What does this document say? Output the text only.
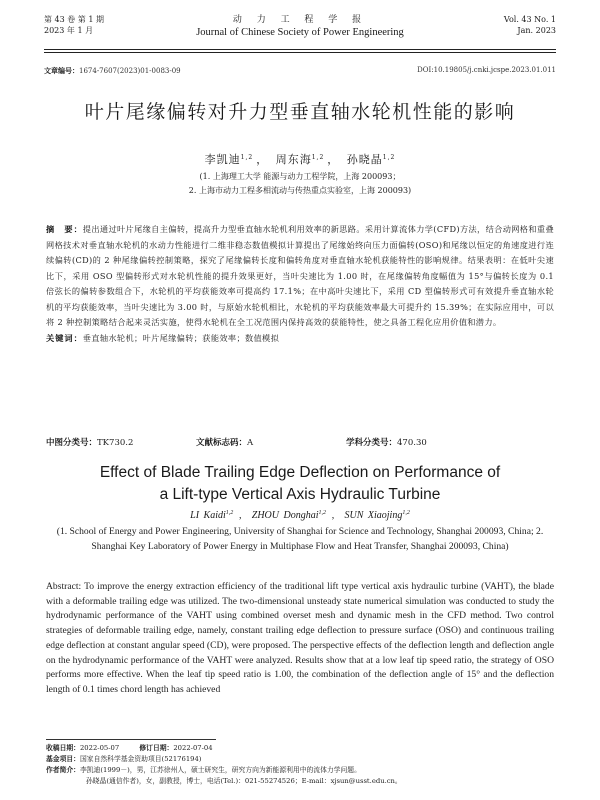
第 43 卷 第 1 期
2023 年 1 月
动 力 工 程 学 报
Journal of Chinese Society of Power Engineering
Vol. 43 No. 1
Jan. 2023
文章编号：1674-7607(2023)01-0083-09	DOI:10.19805/j.cnki.jcspe.2023.01.011
叶片尾缘偏转对升力型垂直轴水轮机性能的影响
李凯迪$^{1,2}$ ， 周东海$^{1,2}$ ， 孙晓晶$^{1,2}$
(1. 上海理工大学 能源与动力工程学院，上海 200093；
2. 上海市动力工程多相流动与传热重点实验室，上海 200093)
摘　要：提出通过叶片尾缘自主偏转，提高升力型垂直轴水轮机利用效率的新思路。采用计算流体力学(CFD)方法，结合动网格和重叠网格技术对垂直轴水轮机的水动力性能进行二维非稳态数值模拟计算提出了尾缘始终向压力面偏转(OSO)和尾缘以恒定的角速度进行连续偏转(CD)的 2 种尾缘偏转控制策略，探究了尾缘偏转长度和偏转角度对垂直轴水轮机获能特性的影响规律。结果表明：在低叶尖速比下，采用 OSO 型偏转形式对水轮机性能的提升效果更好，当叶尖速比为 1.00 时，在尾缘偏转角度幅值为 15°与偏转长度为 0.1 倍弦长的偏转参数组合下，水轮机的平均获能效率可提高约 17.1%；在中高叶尖速比下，采用 CD 型偏转形式可有效提升垂直轴水轮机的平均获能效率，当叶尖速比为 3.00 时，与原始水轮机相比，水轮机的平均获能效率最大可提升约 15.39%；在实际应用中，可以将 2 种控制策略结合起来灵活实施，使得水轮机在全工况范围内保持高效的获能特性，使之具备工程化应用价值和潜力。
关键词：垂直轴水轮机；叶片尾缘偏转；获能效率；数值模拟
中图分类号：TK730.2	文献标志码：A	学科分类号：470.30
Effect of Blade Trailing Edge Deflection on Performance of
a Lift-type Vertical Axis Hydraulic Turbine
LI Kaidi$^{1,2}$ , ZHOU Donghai$^{1,2}$ , SUN Xiaojing$^{1,2}$
(1. School of Energy and Power Engineering, University of Shanghai for Science and Technology, Shanghai 200093, China; 2. Shanghai Key Laboratory of Power Energy in Multiphase Flow and Heat Transfer, Shanghai 200093, China)
Abstract: To improve the energy extraction efficiency of the traditional lift type vertical axis hydraulic turbine (VAHT), the blade with a deformable trailing edge was utilized. The two-dimensional unsteady state numerical simulation was conducted to study the hydrodynamic performance of the VAHT using combined overset mesh and dynamic mesh in the CFD method. Two control strategies of deformable trailing edge, namely, constant trailing edge deflection to pressure surface (OSO) and continuous trailing edge deflection at constant angular speed (CD), were proposed. The perspective effects of the deflection length and deflection angle on the hydrodynamic performance of the VAHT were analyzed. Results show that at a low leaf tip speed ratio, the strategy of OSO performs more effective. When the leaf tip speed ratio is 1.00, the combination of the deflection angle of 15° and the deflection length of 0.1 times chord length has achieved
收稿日期：2022-05-07	修订日期：2022-07-04
基金项目：国家自然科学基金资助项目(52176194)
作者简介：李凯迪(1999－)，男，江苏徐州人，硕士研究生，研究方向为新能源利用中的流体力学问题。
孙晓晶(通信作者)，女，副教授，博士，电话(Tel.)：021-55274526；E-mail：xjsun@usst.edu.cn。
